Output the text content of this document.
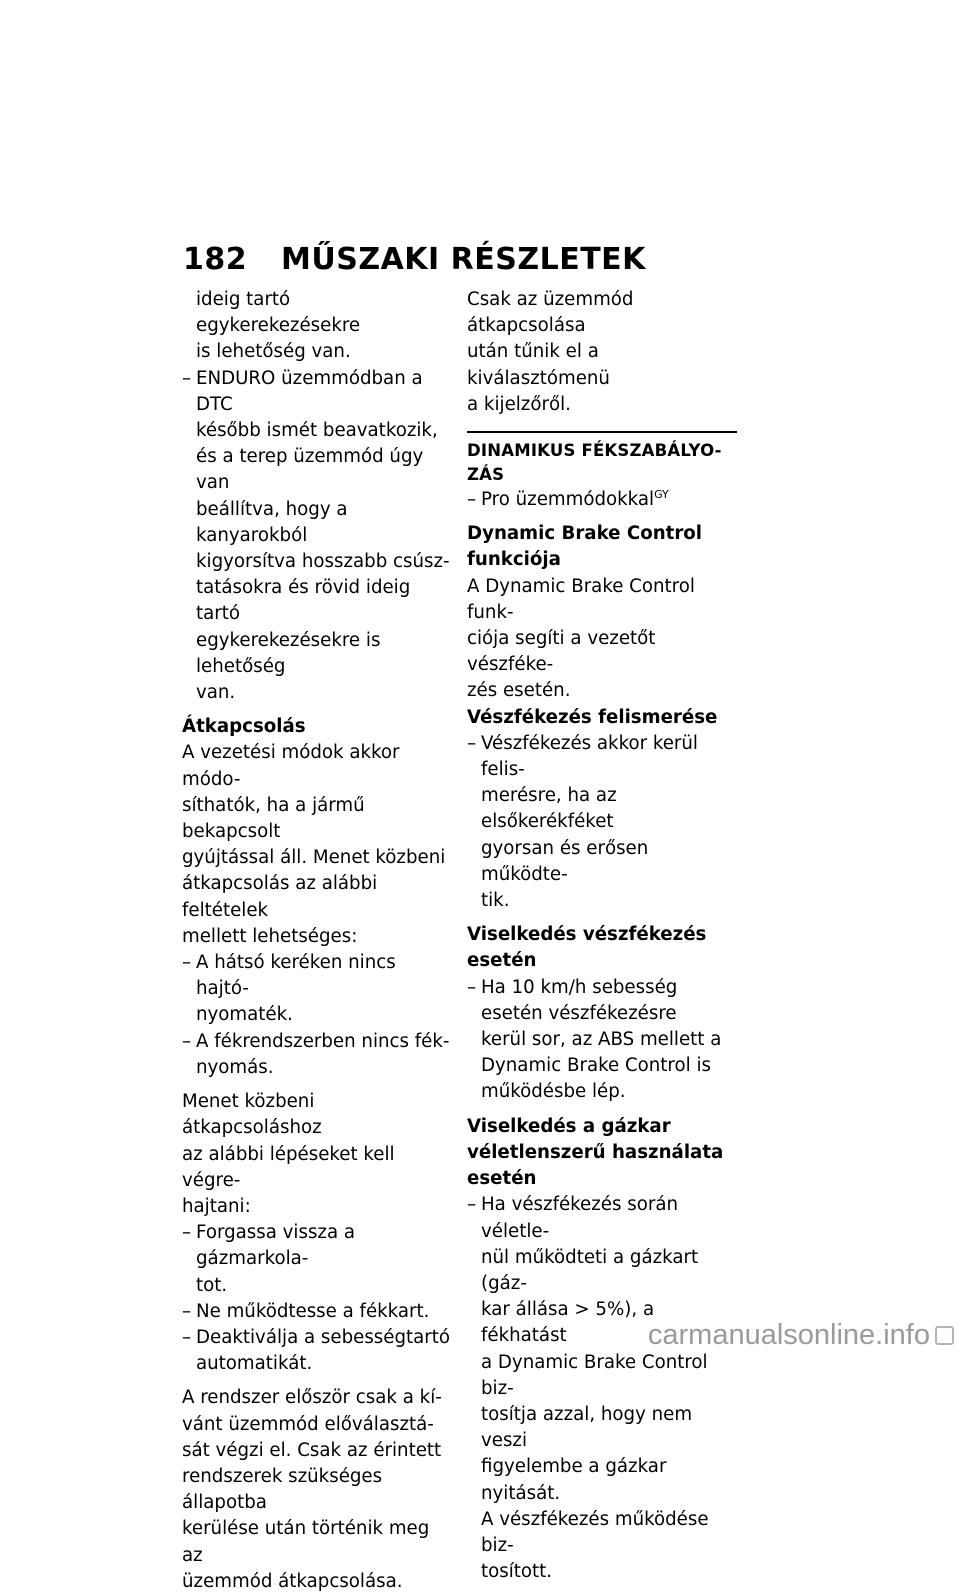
182 MŰSZAKI RÉSZLETEK

ideig tartó egykerekezésekre

is lehetőség van.

– ENDURO üzemmódban a DTC

később ismét beavatkozik,

és a terep üzemmód úgy van

beállítva, hogy a kanyarokból

kigyorsítva hosszabb csúsz-

tatásokra és rövid ideig tartó

egykerekezésekre is lehetőség

van.

Átkapcsolás

A vezetési módok akkor módo-

síthatók, ha a jármű bekapcsolt

gyújtással áll. Menet közbeni

átkapcsolás az alábbi feltételek

mellett lehetséges:

– A hátsó keréken nincs hajtó-

nyomaték.

– A fékrendszerben nincs fék-

nyomás.

Menet közbeni átkapcsoláshoz

az alábbi lépéseket kell végre-

hajtani:

– Forgassa vissza a gázmarkola-

tot.

– Ne működtesse a fékkart.

– Deaktiválja a sebességtartó

automatikát.

A rendszer először csak a kí-

vánt üzemmód előválasztá-

sát végzi el. Csak az érintett

rendszerek szükséges állapotba

kerülése után történik meg az

üzemmód átkapcsolása.

Csak az üzemmód átkapcsolása

után tűnik el a kiválasztómenü

a kijelzőről.

DINAMIKUS FÉKSZABÁLYO-

ZÁS

– Pro üzemmódokkal$^{GY}$

Dynamic Brake Control

funkciója

A Dynamic Brake Control funk-

ciója segíti a vezetőt vészféke-

zés esetén.

Vészfékezés felismerése

– Vészfékezés akkor kerül felis-

merésre, ha az elsőkerékféket

gyorsan és erősen működte-

tik.

Viselkedés vészfékezés esetén

– Ha 10 km/h sebesség

esetén vészfékezésre

kerül sor, az ABS mellett a

Dynamic Brake Control is

működésbe lép.

Viselkedés a gázkar

véletlenszerű használata

esetén

– Ha vészfékezés során véletle-

nül működteti a gázkart (gáz-

kar állása > 5%), a fékhatást

a Dynamic Brake Control biz-

tosítja azzal, hogy nem veszi

figyelembe a gázkar nyitását.

A vészfékezés működése biz-

tosított.

carmanualsonline.info
